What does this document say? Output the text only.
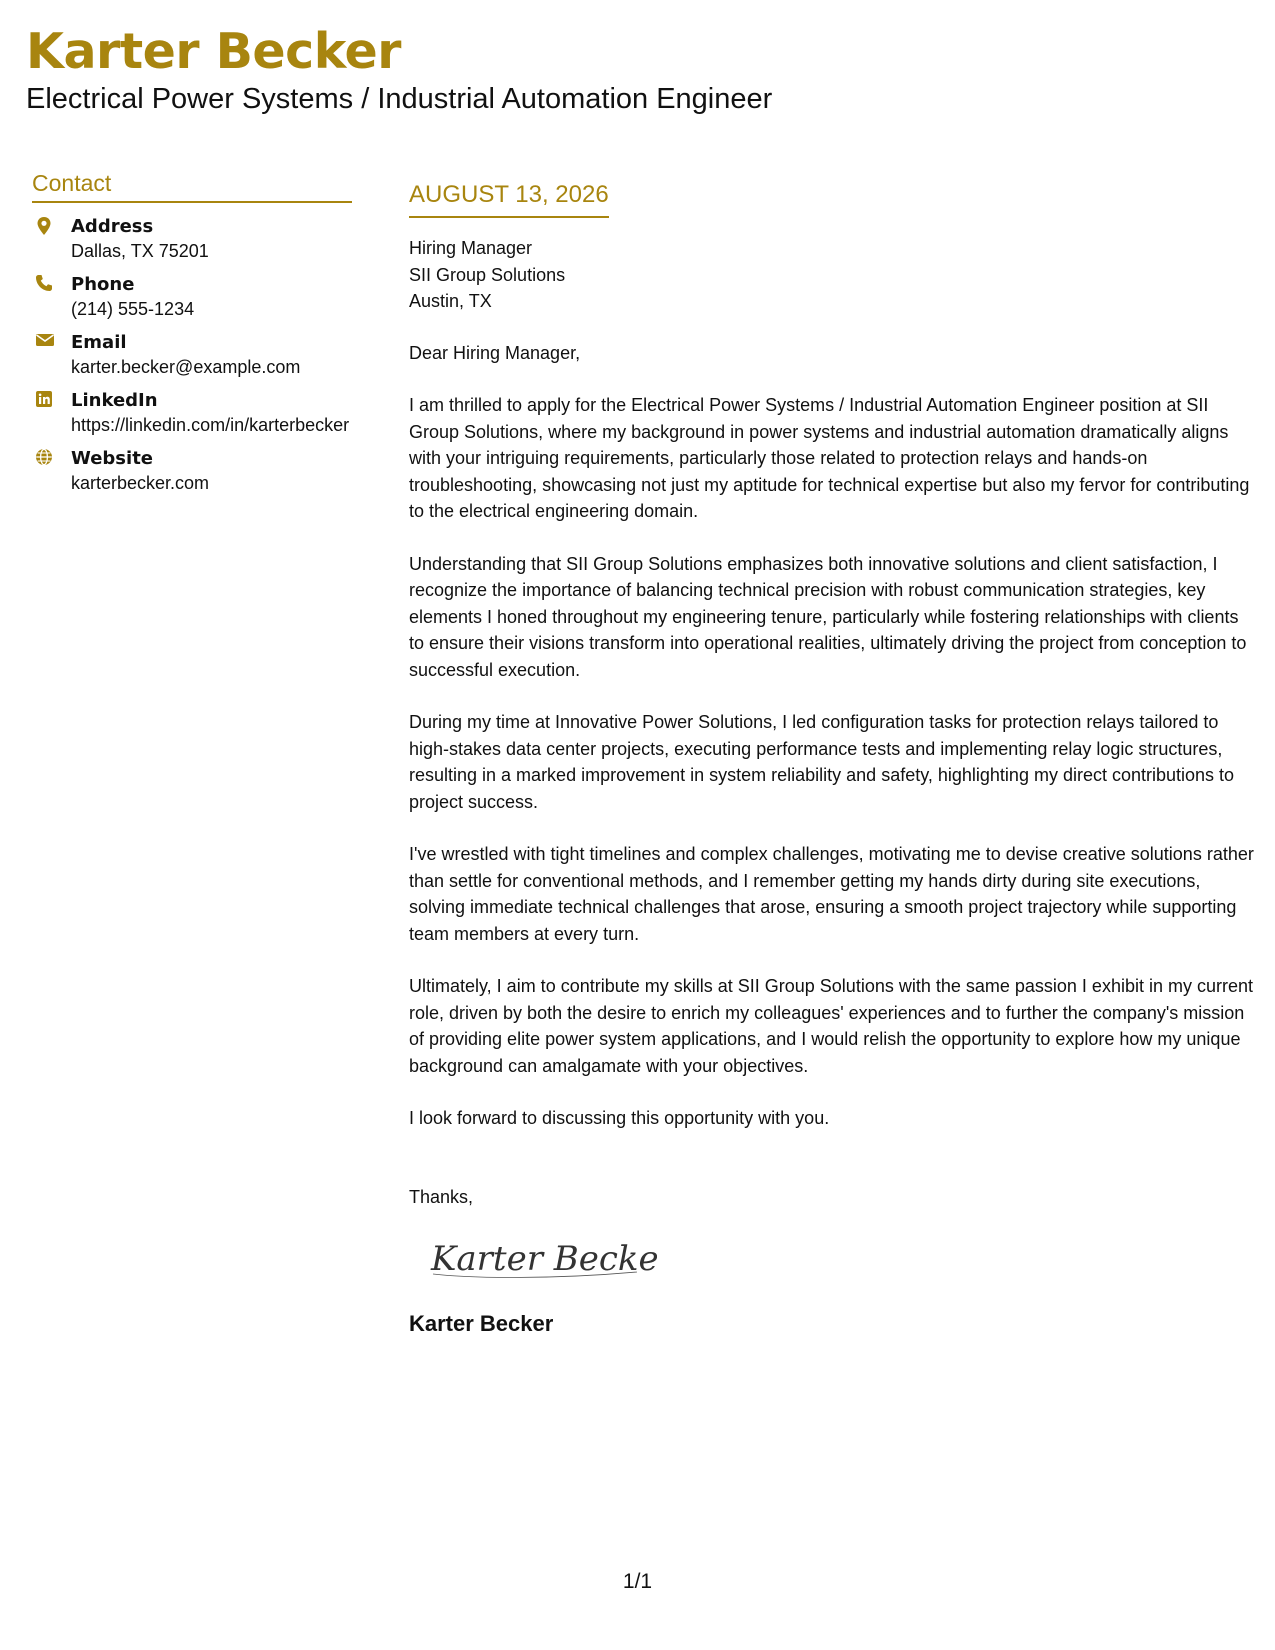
Karter Becker
Electrical Power Systems / Industrial Automation Engineer
Contact
Address
Dallas, TX 75201
Phone
(214) 555-1234
Email
karter.becker@example.com
LinkedIn
https://linkedin.com/in/karterbecker
Website
karterbecker.com
AUGUST 13, 2026
Hiring Manager
SII Group Solutions
Austin, TX
Dear Hiring Manager,
I am thrilled to apply for the Electrical Power Systems / Industrial Automation Engineer position at SII Group Solutions, where my background in power systems and industrial automation dramatically aligns with your intriguing requirements, particularly those related to protection relays and hands-on troubleshooting, showcasing not just my aptitude for technical expertise but also my fervor for contributing to the electrical engineering domain.
Understanding that SII Group Solutions emphasizes both innovative solutions and client satisfaction, I recognize the importance of balancing technical precision with robust communication strategies, key elements I honed throughout my engineering tenure, particularly while fostering relationships with clients to ensure their visions transform into operational realities, ultimately driving the project from conception to successful execution.
During my time at Innovative Power Solutions, I led configuration tasks for protection relays tailored to high-stakes data center projects, executing performance tests and implementing relay logic structures, resulting in a marked improvement in system reliability and safety, highlighting my direct contributions to project success.
I've wrestled with tight timelines and complex challenges, motivating me to devise creative solutions rather than settle for conventional methods, and I remember getting my hands dirty during site executions, solving immediate technical challenges that arose, ensuring a smooth project trajectory while supporting team members at every turn.
Ultimately, I aim to contribute my skills at SII Group Solutions with the same passion I exhibit in my current role, driven by both the desire to enrich my colleagues' experiences and to further the company's mission of providing elite power system applications, and I would relish the opportunity to explore how my unique background can amalgamate with your objectives.
I look forward to discussing this opportunity with you.
Thanks,
Karter Becker
Karter Becker
1/1
